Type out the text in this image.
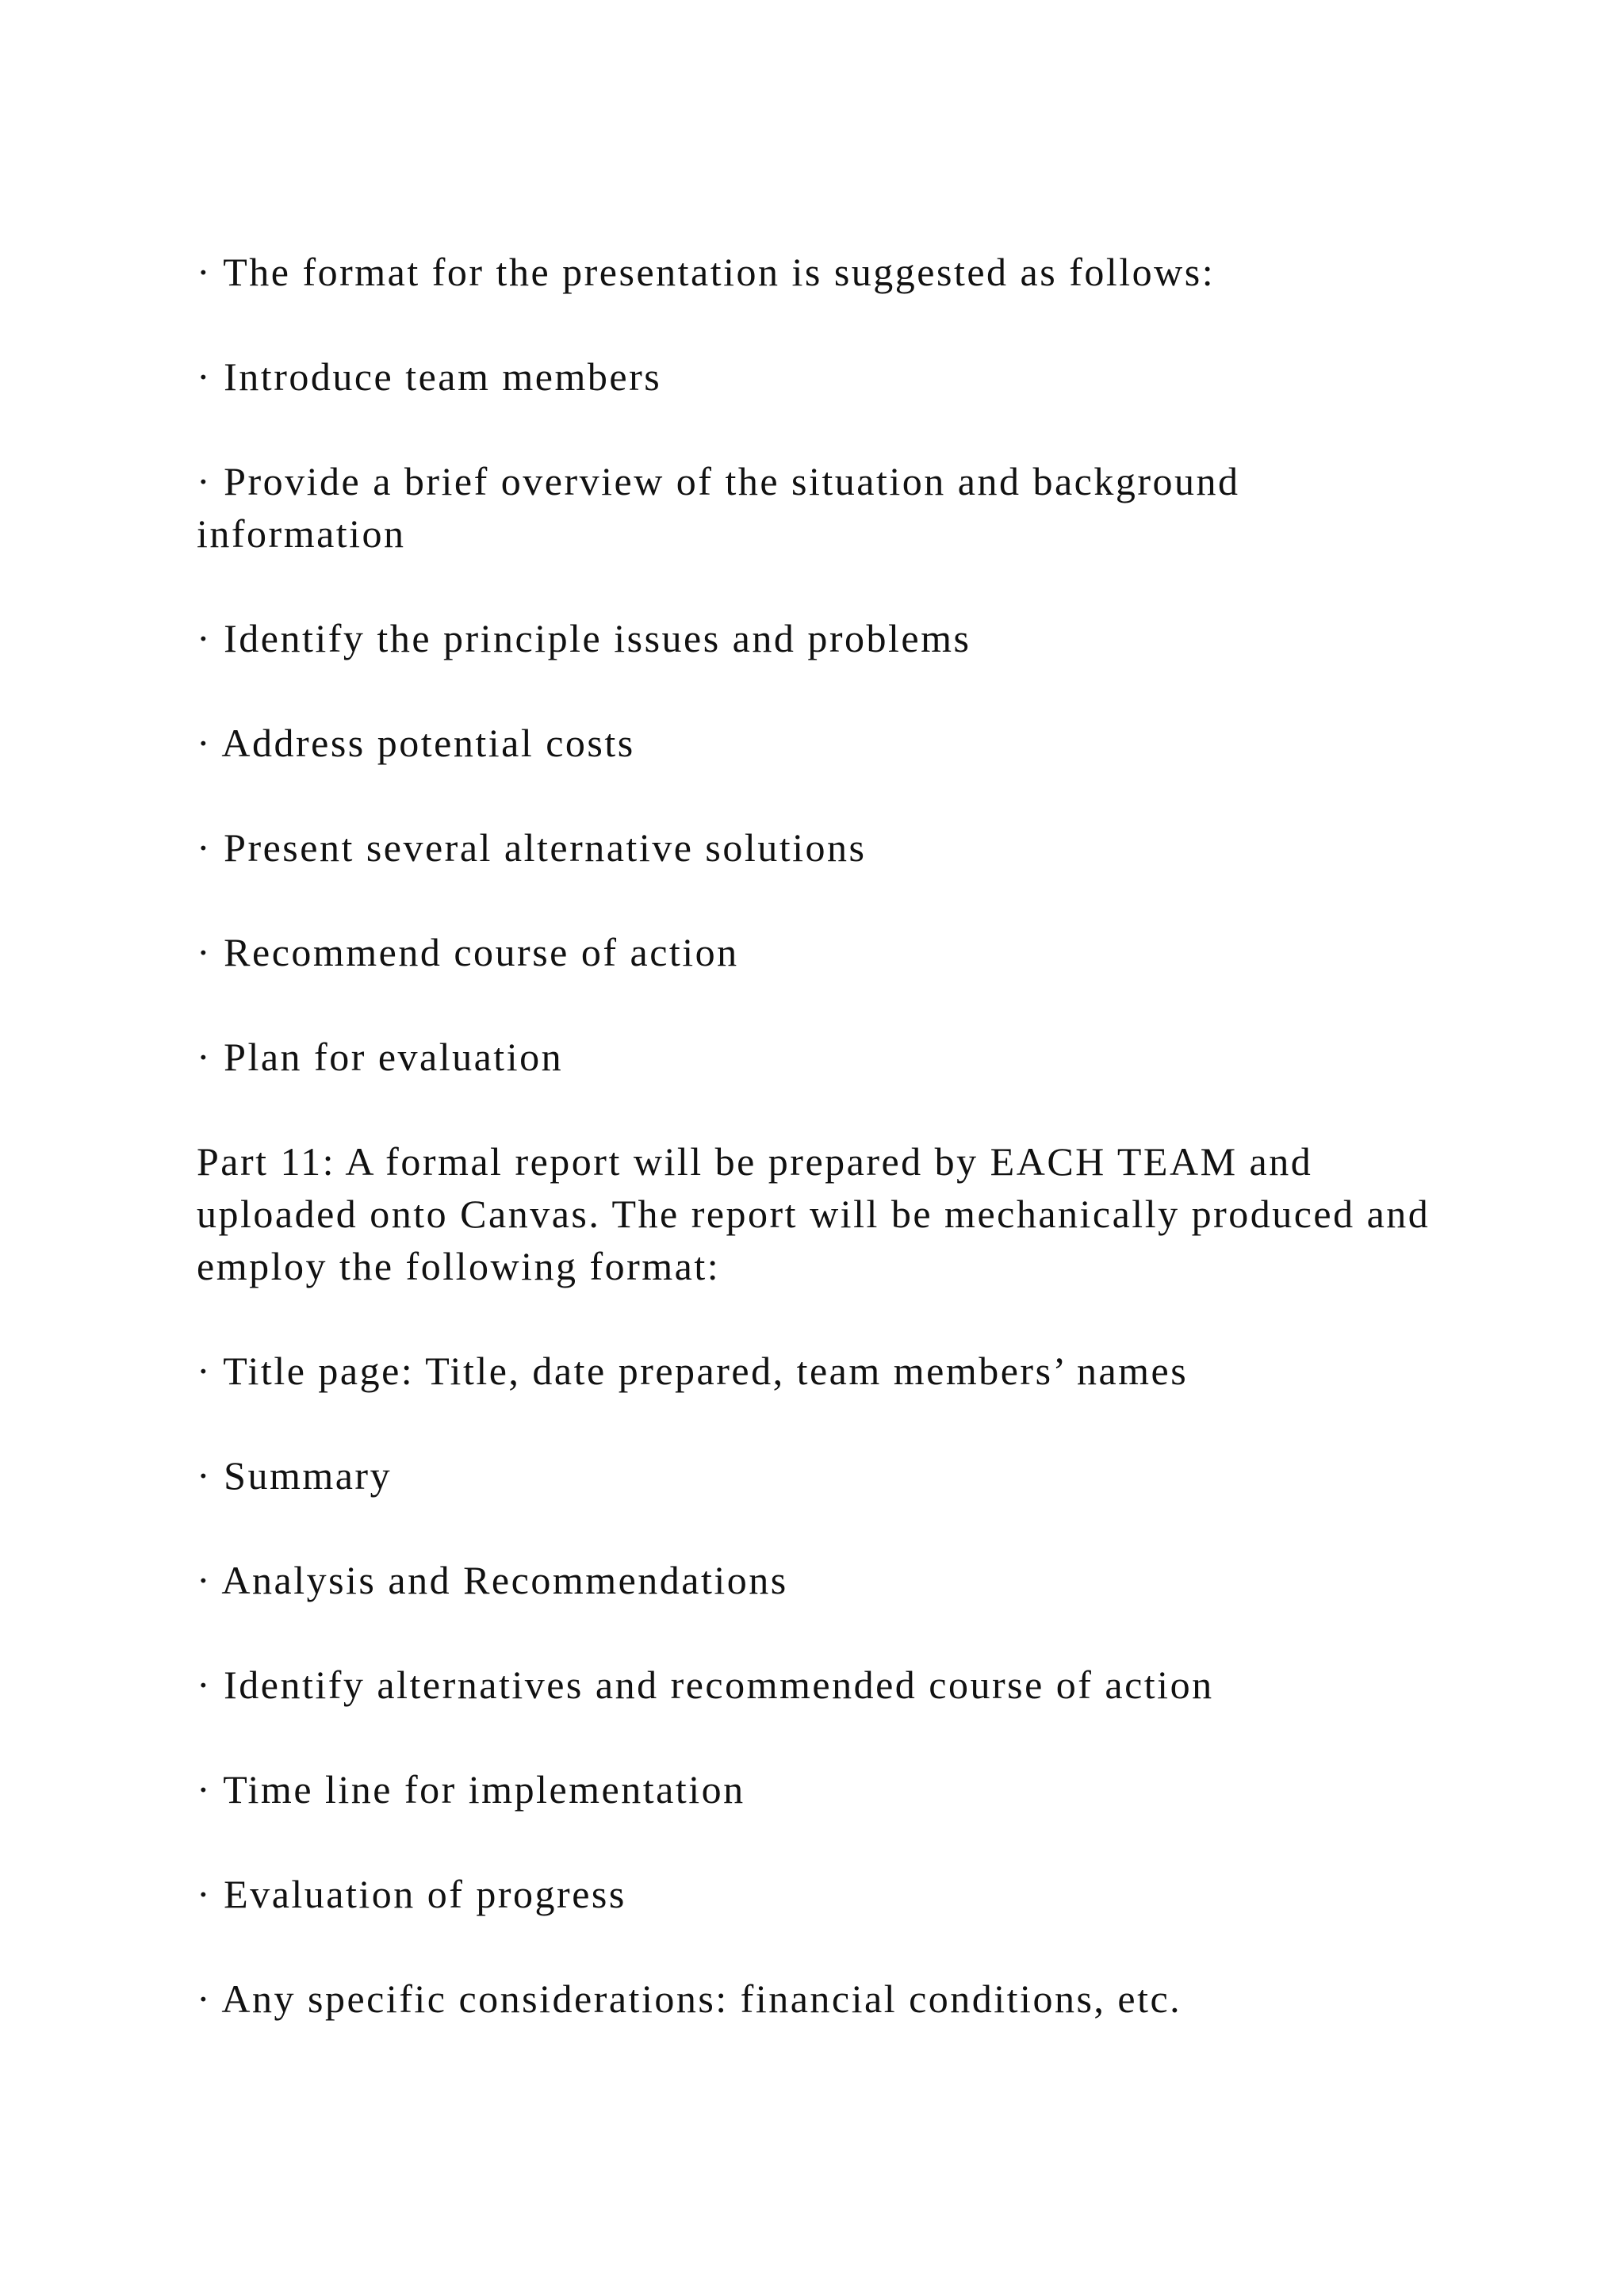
· The format for the presentation is suggested as follows:

· Introduce team members

· Provide a brief overview of the situation and background information

· Identify the principle issues and problems

· Address potential costs

· Present several alternative solutions

· Recommend course of action

· Plan for evaluation

Part 11: A formal report will be prepared by EACH TEAM and uploaded onto Canvas. The report will be mechanically produced and employ the following format:

· Title page: Title, date prepared, team members’ names

· Summary

· Analysis and Recommendations

· Identify alternatives and recommended course of action

· Time line for implementation

· Evaluation of progress

· Any specific considerations: financial conditions, etc.
